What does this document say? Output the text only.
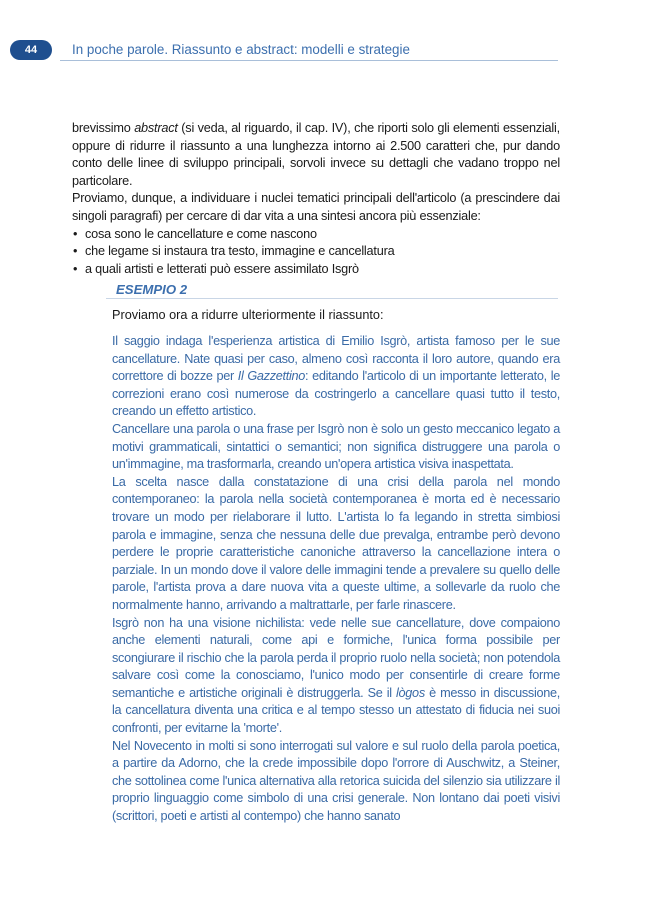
44	In poche parole. Riassunto e abstract: modelli e strategie

brevissimo abstract (si veda, al riguardo, il cap. IV), che riporti solo gli elementi essenziali, oppure di ridurre il riassunto a una lunghezza intorno ai 2.500 caratteri che, pur dando conto delle linee di sviluppo principali, sorvoli invece su dettagli che vadano troppo nel particolare.

Proviamo, dunque, a individuare i nuclei tematici principali dell'articolo (a prescindere dai singoli paragrafi) per cercare di dar vita a una sintesi ancora più essenziale:

• cosa sono le cancellature e come nascono
• che legame si instaura tra testo, immagine e cancellatura
• a quali artisti e letterati può essere assimilato Isgrò
ESEMPIO 2
Proviamo ora a ridurre ulteriormente il riassunto:

Il saggio indaga l'esperienza artistica di Emilio Isgrò, artista famoso per le sue cancellature. Nate quasi per caso, almeno così racconta il loro autore, quando era correttore di bozze per Il Gazzettino: editando l'articolo di un importante letterato, le correzioni erano così numerose da costringerlo a cancellare quasi tutto il testo, creando un effetto artistico.

Cancellare una parola o una frase per Isgrò non è solo un gesto meccanico legato a motivi grammaticali, sintattici o semantici; non significa distruggere una parola o un'immagine, ma trasformarla, creando un'opera artistica visiva inaspettata.

La scelta nasce dalla constatazione di una crisi della parola nel mondo contemporaneo: la parola nella società contemporanea è morta ed è necessario trovare un modo per rielaborare il lutto. L'artista lo fa legando in stretta simbiosi parola e immagine, senza che nessuna delle due prevalga, entrambe però devono perdere le proprie caratteristiche canoniche attraverso la cancellazione intera o parziale. In un mondo dove il valore delle immagini tende a prevalere su quello delle parole, l'artista prova a dare nuova vita a queste ultime, a sollevarle da ruolo che normalmente hanno, arrivando a maltrattarle, per farle rinascere.

Isgrò non ha una visione nichilista: vede nelle sue cancellature, dove compaiono anche elementi naturali, come api e formiche, l'unica forma possibile per scongiurare il rischio che la parola perda il proprio ruolo nella società; non potendola salvare così come la conosciamo, l'unico modo per consentirle di creare forme semantiche e artistiche originali è distruggerla. Se il lògos è messo in discussione, la cancellatura diventa una critica e al tempo stesso un attestato di fiducia nei suoi confronti, per evitarne la 'morte'.

Nel Novecento in molti si sono interrogati sul valore e sul ruolo della parola poetica, a partire da Adorno, che la crede impossibile dopo l'orrore di Auschwitz, a Steiner, che sottolinea come l'unica alternativa alla retorica suicida del silenzio sia utilizzare il proprio linguaggio come simbolo di una crisi generale. Non lontano dai poeti visivi (scrittori, poeti e artisti al contempo) che hanno sanato
